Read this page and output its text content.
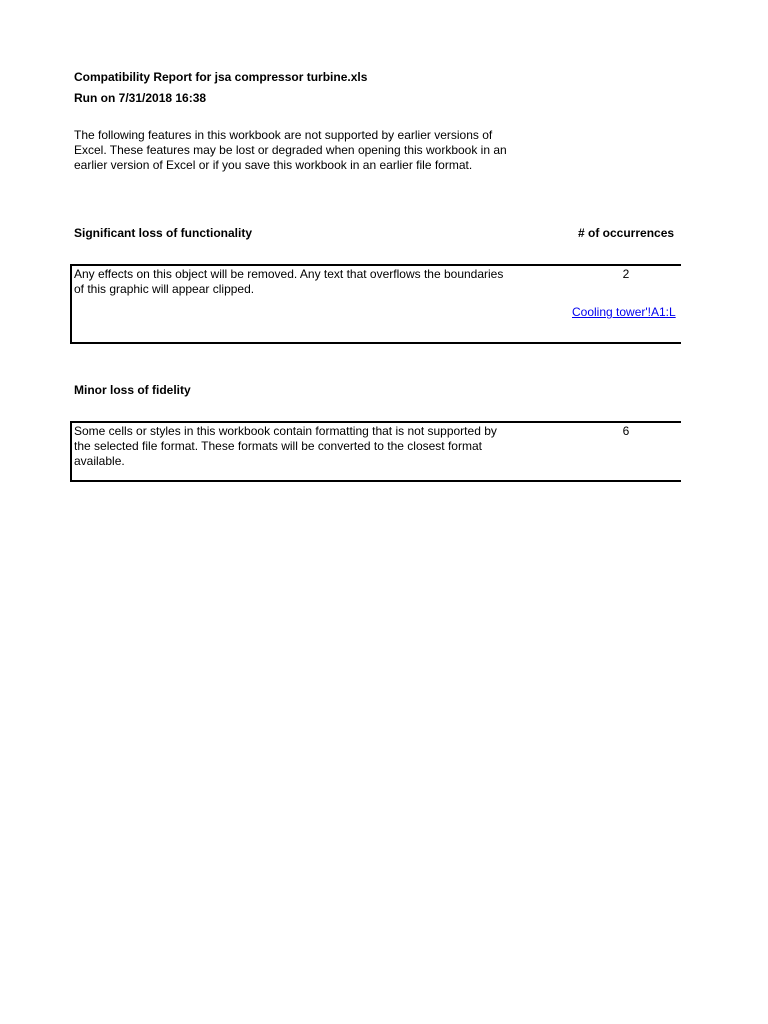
Compatibility Report for jsa compressor turbine.xls
Run on 7/31/2018 16:38
The following features in this workbook are not supported by earlier versions of Excel. These features may be lost or degraded when opening this workbook in an earlier version of Excel or if you save this workbook in an earlier file format.
Significant loss of functionality	# of occurrences
Any effects on this object will be removed. Any text that overflows the boundaries of this graphic will appear clipped.
2
Cooling tower'!A1:L
Minor loss of fidelity
Some cells or styles in this workbook contain formatting that is not supported by the selected file format. These formats will be converted to the closest format available.
6
